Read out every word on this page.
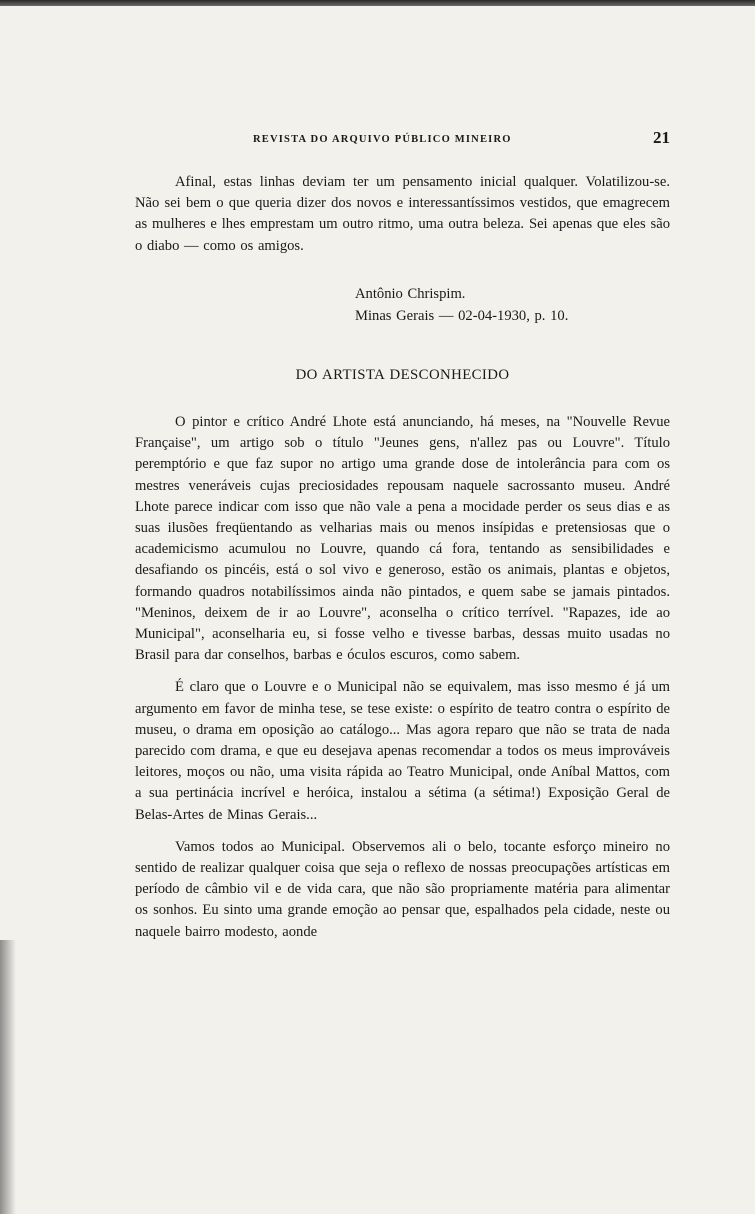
REVISTA DO ARQUIVO PÚBLICO MINEIRO	21

Afinal, estas linhas deviam ter um pensamento inicial qualquer. Volatilizou-se. Não sei bem o que queria dizer dos novos e interessantíssimos vestidos, que emagrecem as mulheres e lhes emprestam um outro ritmo, uma outra beleza. Sei apenas que eles são o diabo — como os amigos.

Antônio Chrispim.
Minas Gerais — 02-04-1930, p. 10.
DO ARTISTA DESCONHECIDO

O pintor e crítico André Lhote está anunciando, há meses, na "Nouvelle Revue Française", um artigo sob o título "Jeunes gens, n'allez pas ou Louvre". Título peremptório e que faz supor no artigo uma grande dose de intolerância para com os mestres veneráveis cujas preciosidades repousam naquele sacrossanto museu. André Lhote parece indicar com isso que não vale a pena a mocidade perder os seus dias e as suas ilusões freqüentando as velharias mais ou menos insípidas e pretensiosas que o academicismo acumulou no Louvre, quando cá fora, tentando as sensibilidades e desafiando os pincéis, está o sol vivo e generoso, estão os animais, plantas e objetos, formando quadros notabilíssimos ainda não pintados, e quem sabe se jamais pintados. "Meninos, deixem de ir ao Louvre", aconselha o crítico terrível. "Rapazes, ide ao Municipal", aconselharia eu, si fosse velho e tivesse barbas, dessas muito usadas no Brasil para dar conselhos, barbas e óculos escuros, como sabem.

É claro que o Louvre e o Municipal não se equivalem, mas isso mesmo é já um argumento em favor de minha tese, se tese existe: o espírito de teatro contra o espírito de museu, o drama em oposição ao catálogo... Mas agora reparo que não se trata de nada parecido com drama, e que eu desejava apenas recomendar a todos os meus improváveis leitores, moços ou não, uma visita rápida ao Teatro Municipal, onde Aníbal Mattos, com a sua pertinácia incrível e heróica, instalou a sétima (a sétima!) Exposição Geral de Belas-Artes de Minas Gerais...

Vamos todos ao Municipal. Observemos ali o belo, tocante esforço mineiro no sentido de realizar qualquer coisa que seja o reflexo de nossas preocupações artísticas em período de câmbio vil e de vida cara, que não são propriamente matéria para alimentar os sonhos. Eu sinto uma grande emoção ao pensar que, espalhados pela cidade, neste ou naquele bairro modesto, aonde
